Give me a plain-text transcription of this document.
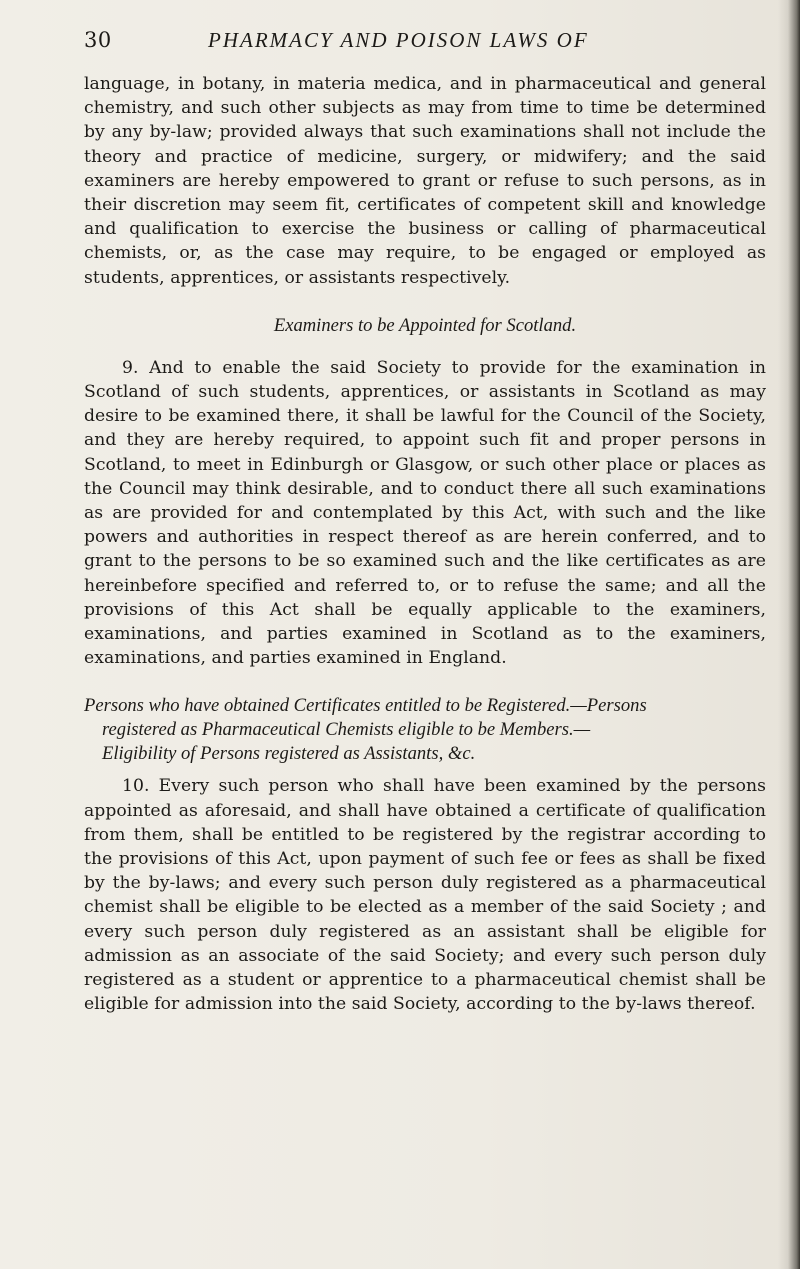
30	PHARMACY AND POISON LAWS OF

language, in botany, in materia medica, and in pharmaceutical and general chemistry, and such other subjects as may from time to time be determined by any by-law; provided always that such examinations shall not include the theory and practice of medicine, surgery, or midwifery; and the said examiners are hereby empowered to grant or refuse to such persons, as in their discretion may seem fit, certificates of competent skill and knowledge and qualification to exercise the business or calling of pharmaceutical chemists, or, as the case may require, to be engaged or employed as students, apprentices, or assistants respectively.

Examiners to be Appointed for Scotland.

9. And to enable the said Society to provide for the examination in Scotland of such students, apprentices, or assistants in Scotland as may desire to be examined there, it shall be lawful for the Council of the Society, and they are hereby required, to appoint such fit and proper persons in Scotland, to meet in Edinburgh or Glasgow, or such other place or places as the Council may think desirable, and to conduct there all such examinations as are provided for and contemplated by this Act, with such and the like powers and authorities in respect thereof as are herein conferred, and to grant to the persons to be so examined such and the like certificates as are hereinbefore specified and referred to, or to refuse the same; and all the provisions of this Act shall be equally applicable to the examiners, examinations, and parties examined in Scotland as to the examiners, examinations, and parties examined in England.

Persons who have obtained Certificates entitled to be Registered.—Persons
registered as Pharmaceutical Chemists eligible to be Members.—
Eligibility of Persons registered as Assistants, &c.

10. Every such person who shall have been examined by the persons appointed as aforesaid, and shall have obtained a certificate of qualification from them, shall be entitled to be registered by the registrar according to the provisions of this Act, upon payment of such fee or fees as shall be fixed by the by-laws; and every such person duly registered as a pharmaceutical chemist shall be eligible to be elected as a member of the said Society ; and every such person duly registered as an assistant shall be eligible for admission as an associate of the said Society; and every such person duly registered as a student or apprentice to a pharmaceutical chemist shall be eligible for admission into the said Society, according to the by-laws thereof.
